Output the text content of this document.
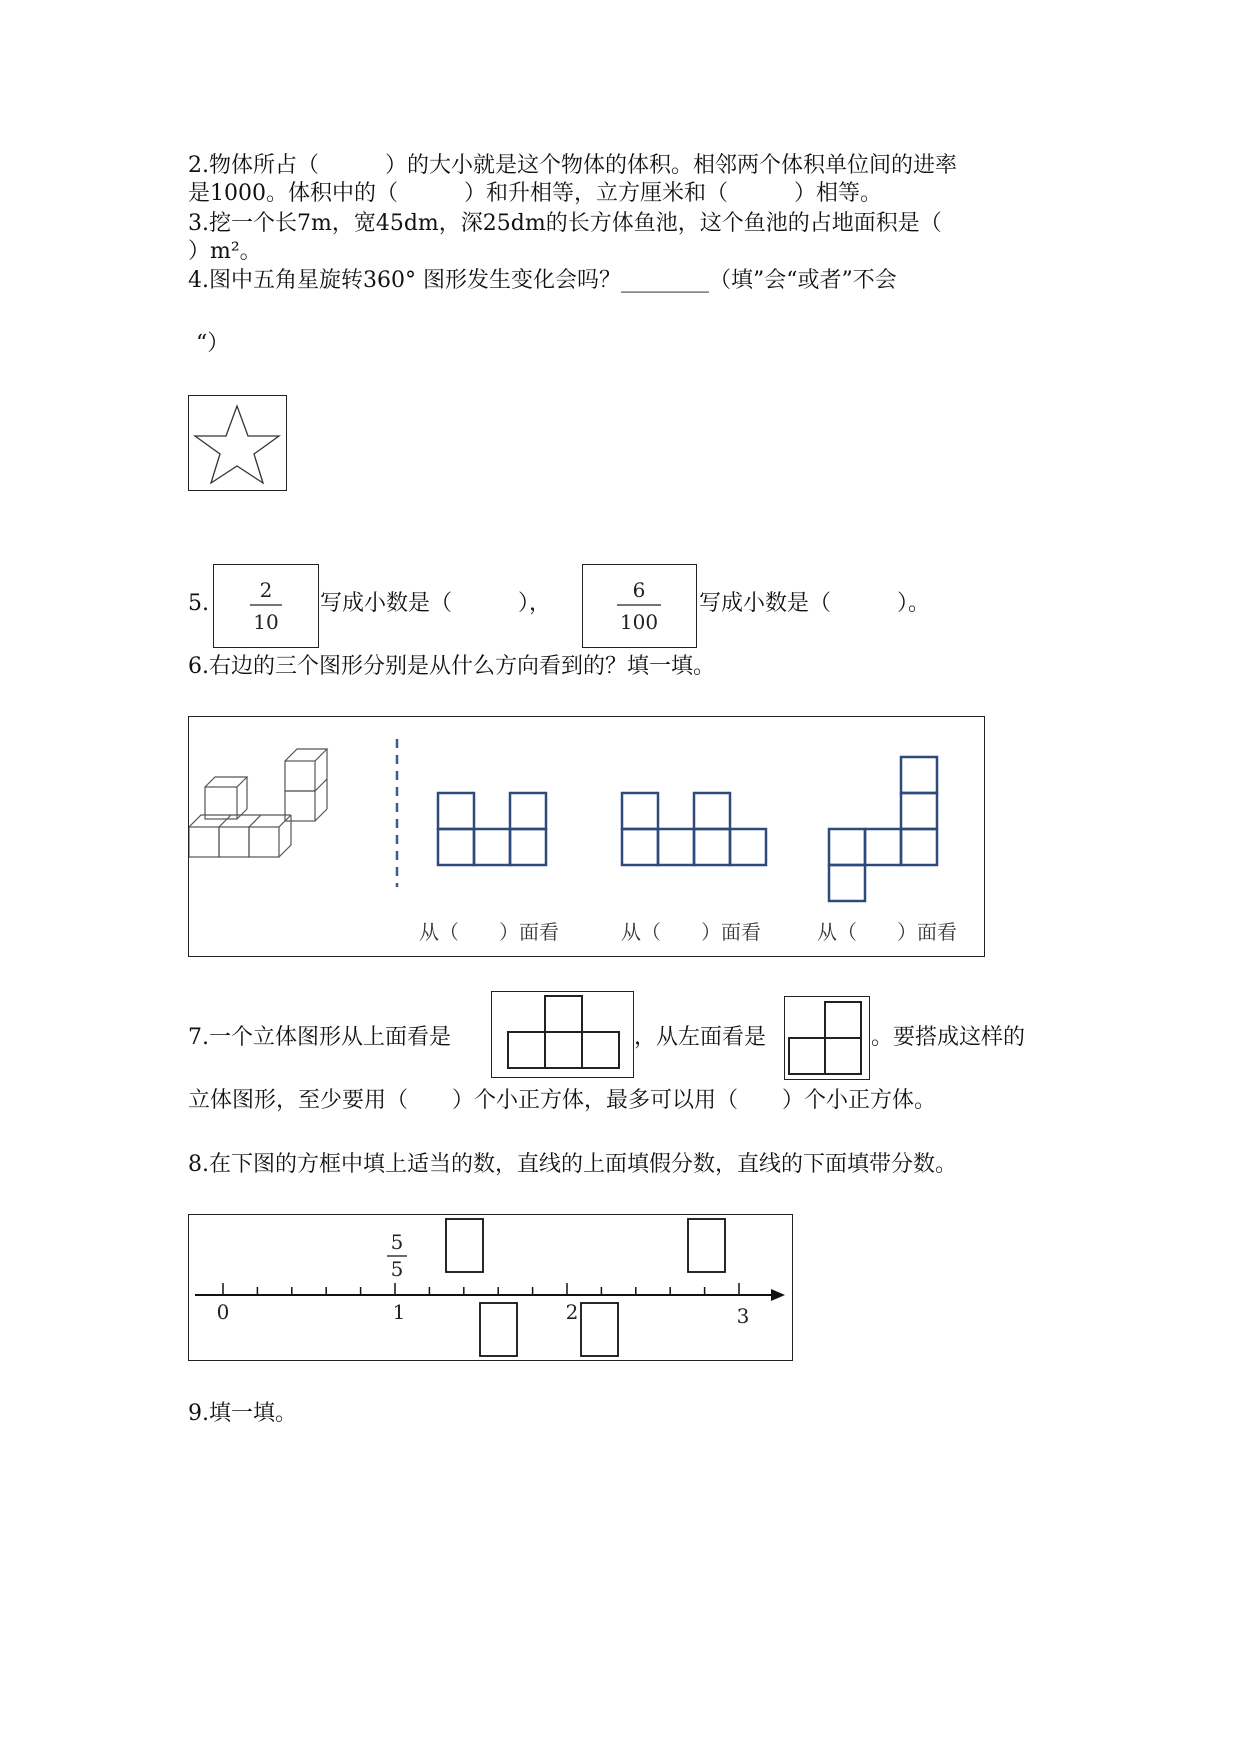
2.物体所占（　　　）的大小就是这个物体的体积。相邻两个体积单位间的进率
是1000。体积中的（　　　）和升相等，立方厘米和（　　　）相等。
3.挖一个长7m，宽45dm，深25dm的长方体鱼池，这个鱼池的占地面积是（
）m²。
4.图中五角星旋转360° 图形发生变化会吗？________（填”会“或者”不会
“）
5.
2
10
写成小数是（　　　），
6
100
写成小数是（　　　）。
6.右边的三个图形分别是从什么方向看到的？填一填。
从（　　）面看	从（　　）面看	从（　　）面看
7.一个立体图形从上面看是	，从左面看是	。要搭成这样的
立体图形，至少要用（　　）个小正方体，最多可以用（　　）个小正方体。
8.在下图的方框中填上适当的数，直线的上面填假分数，直线的下面填带分数。
0	1	2	3
5
5
9.填一填。
